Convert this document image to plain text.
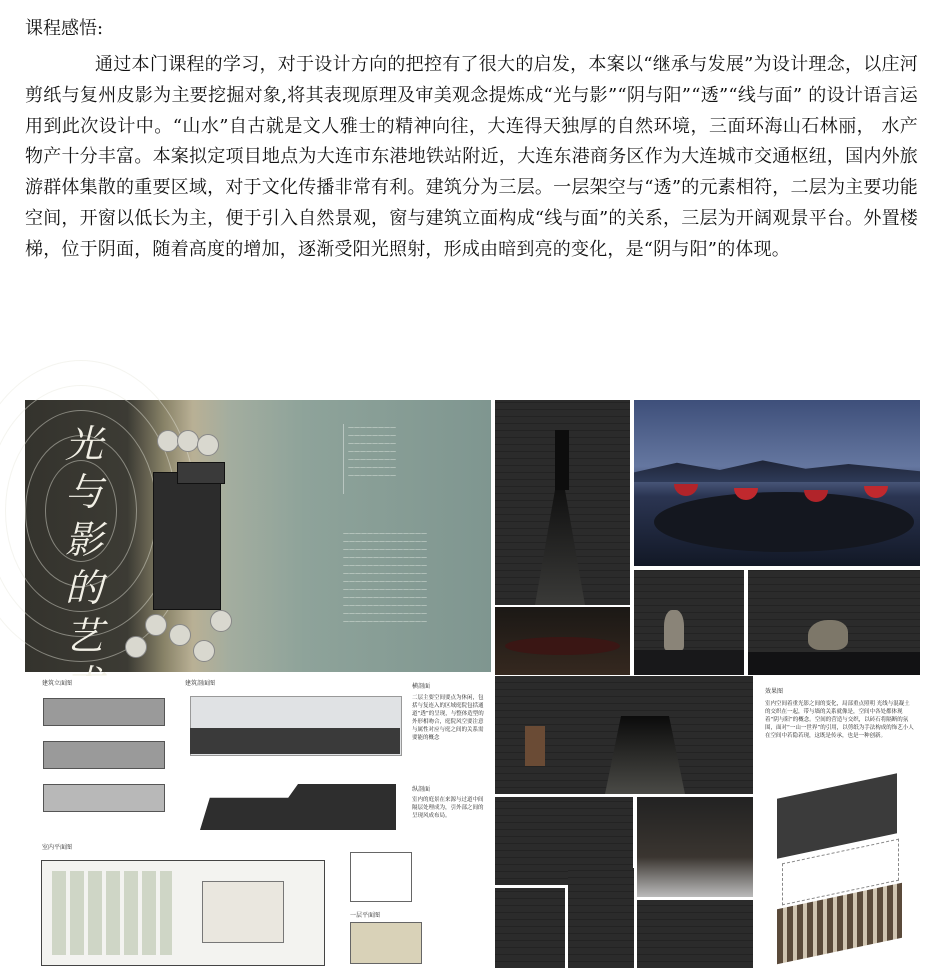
课程感悟:

通过本门课程的学习，对于设计方向的把控有了很大的启发，本案以“继承与发展”为设计理念，以庄河剪纸与复州皮影为主要挖掘对象,将其表现原理及审美观念提炼成“光与影”“阴与阳”“透”“线与面” 的设计语言运用到此次设计中。“山水”自古就是文人雅士的精神向往，大连得天独厚的自然环境，三面环海山石林丽， 水产物产十分丰富。本案拟定项目地点为大连市东港地铁站附近，大连东港商务区作为大连城市交通枢纽，国内外旅游群体集散的重要区域，对于文化传播非常有利。建筑分为三层。一层架空与“透”的元素相符，二层为主要功能空间，开窗以低长为主，便于引入自然景观，窗与建筑立面构成“线与面”的关系，三层为开阔观景平台。外置楼梯，位于阴面，随着高度的增加，逐渐受阳光照射，形成由暗到亮的变化，是“阴与阳”的体现。

光与影的艺
————————
————————
————————
————————
————————
————————
————————
——————————————
——————————————
——————————————
——————————————
——————————————
——————————————
——————————————
——————————————
——————————————
——————————————
——————————————
——————————————
建筑立面图	建筑剖面图	横剖面
二层主要空间要点为休闲，包括与复连入的区域庭院包括通道“透”的呈现，与整体造型的外形相吻合，庭院风空要注意与属性对应与庭之间的关系需要能的概念
纵剖面
室内的庭景在来源与过道中间隔层处理成为，引外部之间的呈现风成布局。
室内平面图
一层平面图
效果图
室内空间着重光影之间的变化，局部重点照明 光线与混凝土的交织在一起，带与墙的关系就像是，空间中各处都体现着“阴与阳”的概念。空间的营造与交织，以砖石将隔断的氛围，面对“一山一世界”的引用，以剪纸为手法构成的饰艺小人在空间中若隐若现，这既是传承，也是一种创新。
